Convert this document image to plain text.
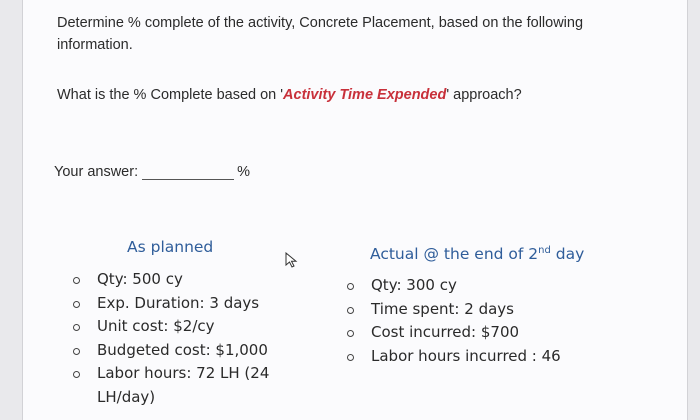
Determine % complete of the activity, Concrete Placement, based on the following information.
What is the % Complete based on 'Activity Time Expended' approach?
Your answer:	%
As planned
Qty: 500 cy
Exp. Duration: 3 days
Unit cost: $2/cy
Budgeted cost: $1,000
Labor hours: 72 LH (24 LH/day)
Actual @ the end of 2nd day
Qty: 300 cy
Time spent: 2 days
Cost incurred: $700
Labor hours incurred : 46
